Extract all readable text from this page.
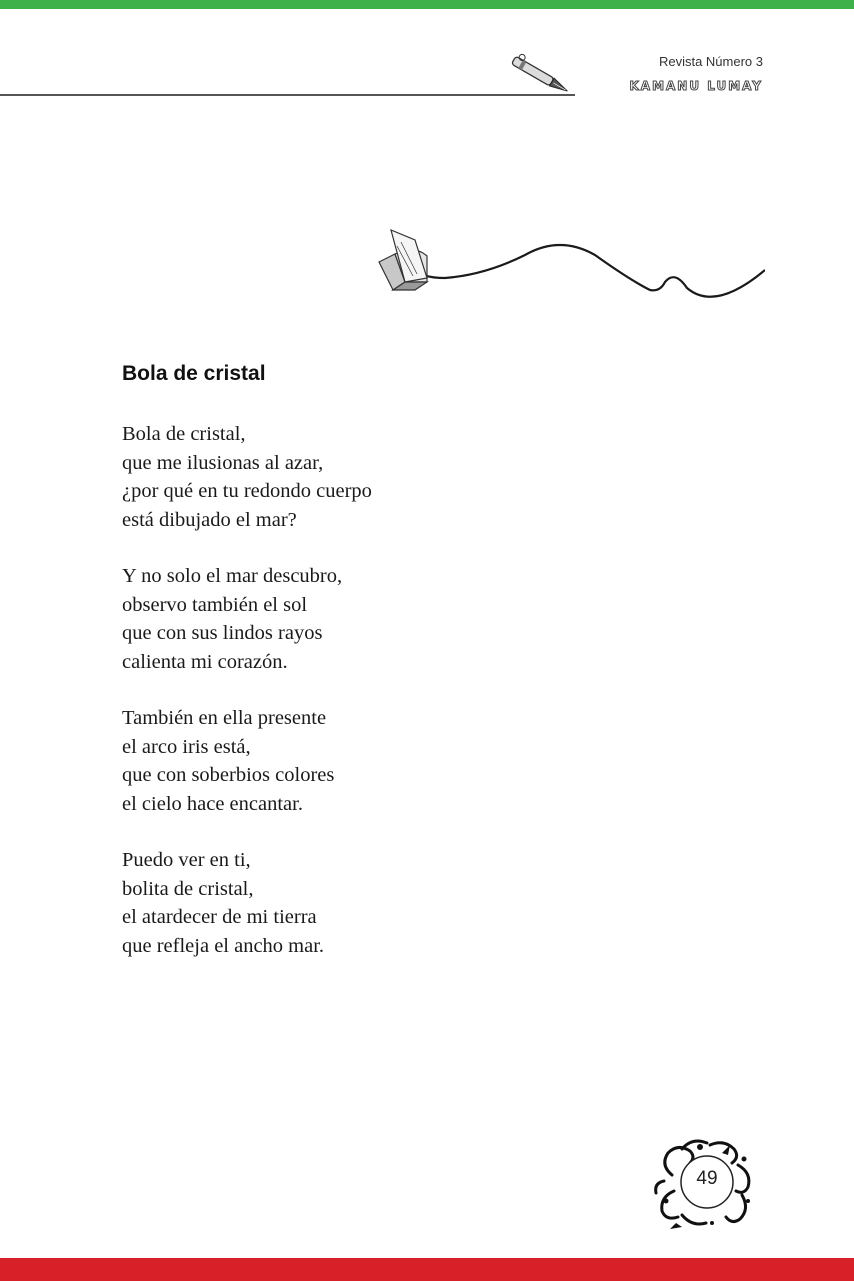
Revista Número 3
KAMANU LUMAY
Bola de cristal
Bola de cristal,
que me ilusionas al azar,
¿por qué en tu redondo cuerpo
está dibujado el mar?
Y no solo el mar descubro,
observo también el sol
que con sus lindos rayos
calienta mi corazón.
También en ella presente
el arco iris está,
que con soberbios colores
el cielo hace encantar.
Puedo ver en ti,
bolita de cristal,
el atardecer de mi tierra
que refleja el ancho mar.
49
